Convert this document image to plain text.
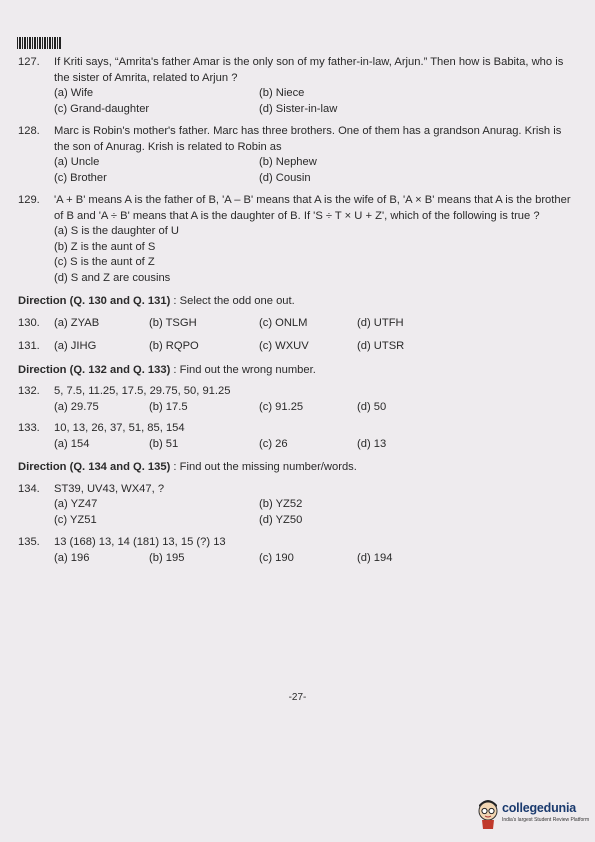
127.	If Kriti says, “Amrita's father Amar is the only son of my father-in-law, Arjun.” Then how is Babita, who is the sister of Amrita, related to Arjun ?
(a) Wife	(b) Niece
(c) Grand-daughter	(d) Sister-in-law
128.	Marc is Robin's mother's father. Marc has three brothers. One of them has a grandson Anurag. Krish is the son of Anurag. Krish is related to Robin as
(a) Uncle	(b) Nephew
(c) Brother	(d) Cousin
129.	'A + B' means A is the father of B, 'A – B' means that A is the wife of B, 'A × B' means that A is the brother of B and 'A ÷ B' means that A is the daughter of B. If 'S ÷ T × U + Z', which of the following is true ?
(a) S is the daughter of U
(b) Z is the aunt of S
(c) S is the aunt of Z
(d) S and Z are cousins
Direction (Q. 130 and Q. 131) : Select the odd one out.
130.	(a) ZYAB	(b) TSGH	(c) ONLM	(d) UTFH
131.	(a) JIHG	(b) RQPO	(c) WXUV	(d) UTSR
Direction (Q. 132 and Q. 133) : Find out the wrong number.
132.	5, 7.5, 11.25, 17.5, 29.75, 50, 91.25
(a) 29.75	(b) 17.5	(c) 91.25	(d) 50
133.	10, 13, 26, 37, 51, 85, 154
(a) 154	(b) 51	(c) 26	(d) 13
Direction (Q. 134 and Q. 135) : Find out the missing number/words.
134.	ST39, UV43, WX47, ?
(a) YZ47	(b) YZ52
(c) YZ51	(d) YZ50
135.	13 (168) 13, 14 (181) 13, 15 (?) 13
(a) 196	(b) 195	(c) 190	(d) 194
-27-
collegedunia
India's largest Student Review Platform
